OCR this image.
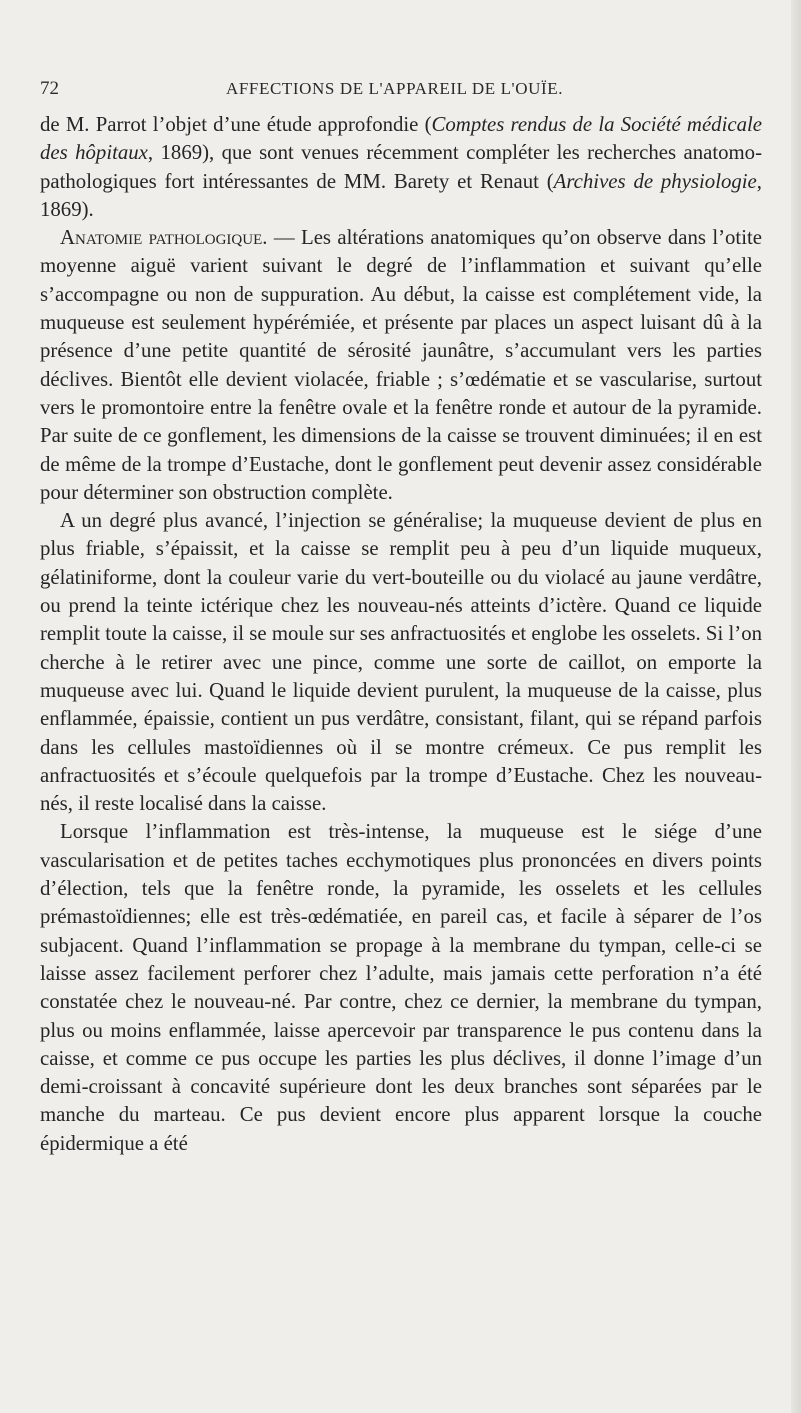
72	AFFECTIONS DE L'APPAREIL DE L'OUÏE.

de M. Parrot l’objet d’une étude approfondie (Comptes rendus de la Société médicale des hôpitaux, 1869), que sont venues récemment compléter les recherches anatomo-pathologiques fort intéressantes de MM. Barety et Renaut (Archives de physiologie, 1869).

Anatomie pathologique. — Les altérations anatomiques qu’on observe dans l’otite moyenne aiguë varient suivant le degré de l’inflammation et suivant qu’elle s’accompagne ou non de suppuration. Au début, la caisse est complétement vide, la muqueuse est seulement hypérémiée, et présente par places un aspect luisant dû à la présence d’une petite quantité de sérosité jaunâtre, s’accumulant vers les parties déclives. Bientôt elle devient violacée, friable ; s’œdématie et se vascularise, surtout vers le promontoire entre la fenêtre ovale et la fenêtre ronde et autour de la pyramide. Par suite de ce gonflement, les dimensions de la caisse se trouvent diminuées; il en est de même de la trompe d’Eustache, dont le gonflement peut devenir assez considérable pour déterminer son obstruction complète.

A un degré plus avancé, l’injection se généralise; la muqueuse devient de plus en plus friable, s’épaissit, et la caisse se remplit peu à peu d’un liquide muqueux, gélatiniforme, dont la couleur varie du vert-bouteille ou du violacé au jaune verdâtre, ou prend la teinte ictérique chez les nouveau-nés atteints d’ictère. Quand ce liquide remplit toute la caisse, il se moule sur ses anfractuosités et englobe les osselets. Si l’on cherche à le retirer avec une pince, comme une sorte de caillot, on emporte la muqueuse avec lui. Quand le liquide devient purulent, la muqueuse de la caisse, plus enflammée, épaissie, contient un pus verdâtre, consistant, filant, qui se répand parfois dans les cellules mastoïdiennes où il se montre crémeux. Ce pus remplit les anfractuosités et s’écoule quelquefois par la trompe d’Eustache. Chez les nouveau-nés, il reste localisé dans la caisse.

Lorsque l’inflammation est très-intense, la muqueuse est le siége d’une vascularisation et de petites taches ecchymotiques plus prononcées en divers points d’élection, tels que la fenêtre ronde, la pyramide, les osselets et les cellules prémastoïdiennes; elle est très-œdématiée, en pareil cas, et facile à séparer de l’os subjacent. Quand l’inflammation se propage à la membrane du tympan, celle-ci se laisse assez facilement perforer chez l’adulte, mais jamais cette perforation n’a été constatée chez le nouveau-né. Par contre, chez ce dernier, la membrane du tympan, plus ou moins enflammée, laisse apercevoir par transparence le pus contenu dans la caisse, et comme ce pus occupe les parties les plus déclives, il donne l’image d’un demi-croissant à concavité supérieure dont les deux branches sont séparées par le manche du marteau. Ce pus devient encore plus apparent lorsque la couche épidermique a été
